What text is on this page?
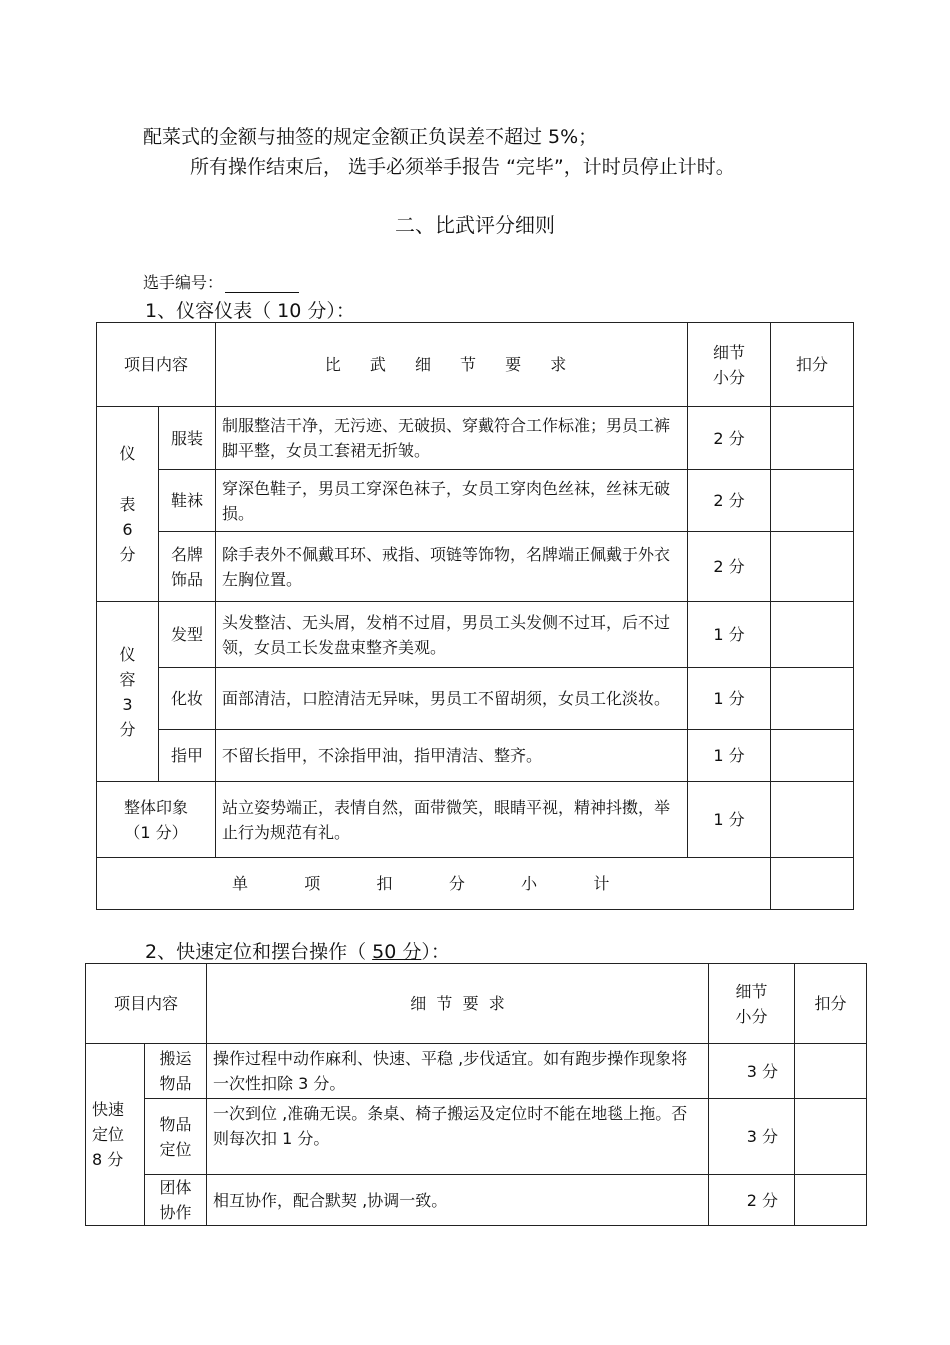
配菜式的金额与抽签的规定金额正负误差不超过 5%；
所有操作结束后， 选手必须举手报告 “完毕”，计时员停止计时。
二、比武评分细则
选手编号：
1、仪容仪表（ 10 分）：
项目内容		比 武 细 节 要 求	细节
小分	扣分

仪
表
6
分	服装	制服整洁干净，无污迹、无破损、穿戴符合工作标准；男员工裤脚平整，女员工套裙无折皱。	2 分	
	鞋袜	穿深色鞋子，男员工穿深色袜子，女员工穿肉色丝袜，丝袜无破损。	2 分	
	名牌
饰品	除手表外不佩戴耳环、戒指、项链等饰物，名牌端正佩戴于外衣左胸位置。	2 分	

仪
容
3
分	发型	头发整洁、无头屑，发梢不过眉，男员工头发侧不过耳，后不过领，女员工长发盘束整齐美观。	1 分	
	化妆	面部清洁，口腔清洁无异味，男员工不留胡须，女员工化淡妆。	1 分	
	指甲	不留长指甲，不涂指甲油，指甲清洁、整齐。	1 分	
整体印象
（1 分）		站立姿势端正，表情自然，面带微笑，眼睛平视，精神抖擞，举止行为规范有礼。	1 分	
单 项 扣 分 小 计				
2、快速定位和摆台操作（ 50 分）：
项目内容		细  节  要  求	细节
小分	扣分

快速
定位
8 分	搬运
物品	操作过程中动作麻利、快速、平稳 ,步伐适宜。如有跑步操作现象将一次性扣除 3 分。	3 分	
	物品
定位	一次到位 ,准确无误。条桌、椅子搬运及定位时不能在地毯上拖。否则每次扣 1 分。	3 分	
	团体
协作	相互协作，配合默契 ,协调一致。	2 分	
